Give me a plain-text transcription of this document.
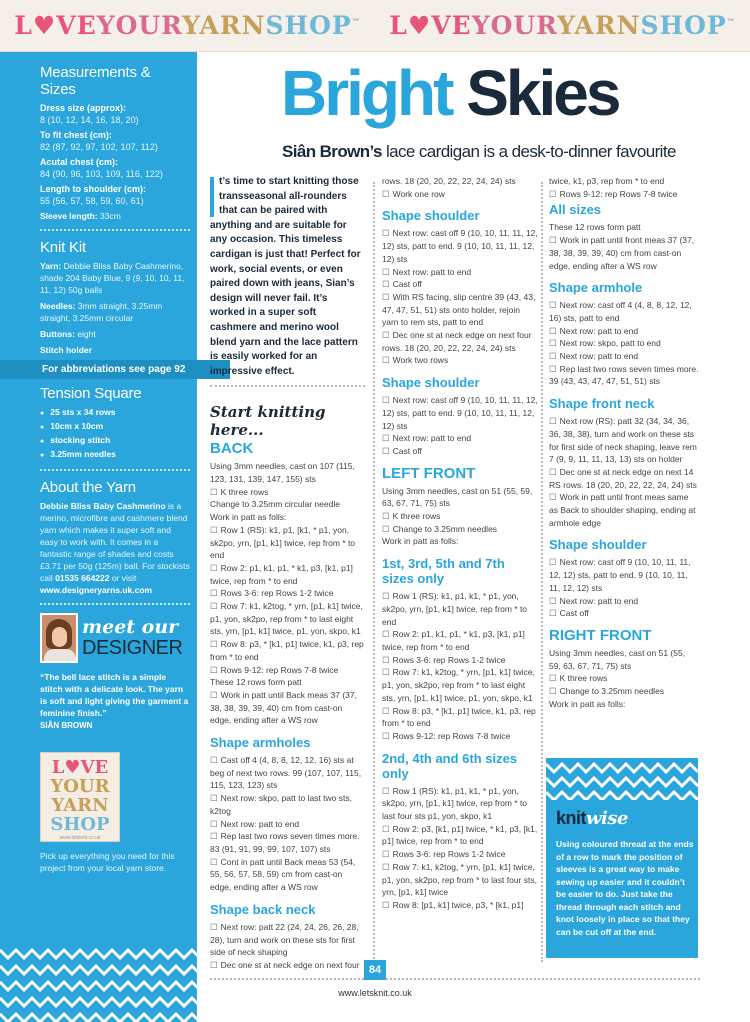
L♥VEYOURYARNSHOP™ L♥VEYOURYARNSHOP™
Measurements & Sizes
Dress size (approx):
8 (10, 12, 14, 16, 18, 20)
To fit chest (cm):
82 (87, 92, 97, 102, 107, 112)
Acutal chest (cm):
84 (90, 96, 103, 109, 116, 122)
Length to shoulder (cm):
55 (56, 57, 58, 59, 60, 61)
Sleeve length: 33cm
Knit Kit
Yarn: Debbie Bliss Baby Cashmerino, shade 204 Baby Blue, 9 (9, 10, 10, 11, 11, 12) 50g balls
Needles: 3mm straight, 3.25mm straight, 3.25mm circular
Buttons: eight
Stitch holder
For abbreviations see page 92
Tension Square
● 25 sts x 34 rows
● 10cm x 10cm
● stocking stitch
● 3.25mm needles
About the Yarn
Debbie Bliss Baby Cashmerino is a merino, microfibre and cashmere blend yarn which makes it super soft and easy to work with. It comes in a fantastic range of shades and costs £3.71 per 50g (125m) ball. For stockists call 01535 664222 or visit www.designeryarns.uk.com
meet our
DESIGNER
“The bell lace stitch is a simple stitch with a delicate look. The yarn is soft and light giving the garment a feminine finish.”
SIÂN BROWN
L♥VE
YOUR
YARN
SHOP
www.letsknit.co.uk
Pick up everything you need for this project from your local yarn store.
Bright Skies
Siân Brown’s lace cardigan is a desk-to-dinner favourite
t’s time to start knitting those transseasonal all-rounders that can be paired with anything and are suitable for any occasion. This timeless cardigan is just that! Perfect for work, social events, or even paired down with jeans, Sian’s design will never fail. It’s worked in a super soft cashmere and merino wool blend yarn and the lace pattern is easily worked for an impressive effect.
Start knitting here...
BACK

Using 3mm needles, cast on 107 (115, 123, 131, 139, 147, 155) sts

☐ K three rows

Change to 3.25mm circular needle

Work in patt as folls:

☐ Row 1 (RS): k1, p1, [k1, * p1, yon, sk2po, yrn, [p1, k1] twice, rep from * to end

☐ Row 2: p1, k1, p1, * k1, p3, [k1, p1] twice, rep from * to end

☐ Rows 3-6: rep Rows 1-2 twice

☐ Row 7: k1, k2tog, * yrn, [p1, k1] twice, p1, yon, sk2po, rep from * to last eight sts, yrn, [p1, k1] twice, p1, yon, skpo, k1

☐ Row 8: p3, * [k1, p1] twice, k1, p3, rep from * to end

☐ Rows 9-12: rep Rows 7-8 twice

These 12 rows form patt

☐ Work in patt until Back meas 37 (37, 38, 38, 39, 39, 40) cm from cast-on edge, ending after a WS row

Shape armholes

☐ Cast off 4 (4, 8, 8, 12, 12, 16) sts at beg of next two rows. 99 (107, 107, 115, 115, 123, 123) sts

☐ Next row: skpo, patt to last two sts, k2tog

☐ Next row: patt to end

☐ Rep last two rows seven times more. 83 (91, 91, 99, 99, 107, 107) sts

☐ Cont in patt until Back meas 53 (54, 55, 56, 57, 58, 59) cm from cast-on edge, ending after a WS row

Shape back neck

☐ Next row: patt 22 (24, 24, 26, 26, 28, 28), turn and work on these sts for first side of neck shaping

☐ Dec one st at neck edge on next four

rows. 18 (20, 20, 22, 22, 24, 24) sts

☐ Work one row

Shape shoulder

☐ Next row: cast off 9 (10, 10, 11, 11, 12, 12) sts, patt to end. 9 (10, 10, 11, 11, 12, 12) sts

☐ Next row: patt to end

☐ Cast off

☐ With RS facing, slip centre 39 (43, 43, 47, 47, 51, 51) sts onto holder, rejoin yarn to rem sts, patt to end

☐ Dec one st at neck edge on next four rows. 18 (20, 20, 22, 22, 24, 24) sts

☐ Work two rows

Shape shoulder

☐ Next row: cast off 9 (10, 10, 11, 11, 12, 12) sts, patt to end. 9 (10, 10, 11, 11, 12, 12) sts

☐ Next row: patt to end

☐ Cast off

LEFT FRONT

Using 3mm needles, cast on 51 (55, 59, 63, 67, 71, 75) sts

☐ K three rows

☐ Change to 3.25mm needles

Work in patt as folls:

1st, 3rd, 5th and 7th sizes only

☐ Row 1 (RS): k1, p1, k1, * p1, yon, sk2po, yrn, [p1, k1] twice, rep from * to end

☐ Row 2: p1, k1, p1, * k1, p3, [k1, p1] twice, rep from * to end

☐ Rows 3-6: rep Rows 1-2 twice

☐ Row 7: k1, k2tog, * yrn, [p1, k1] twice, p1, yon, sk2po, rep from * to last eight sts, yrn, [p1, k1] twice, p1, yon, skpo, k1

☐ Row 8: p3, * [k1, p1] twice, k1, p3, rep from * to end

☐ Rows 9-12: rep Rows 7-8 twice

2nd, 4th and 6th sizes only

☐ Row 1 (RS): k1, p1, k1, * p1, yon, sk2po, yrn, [p1, k1] twice, rep from * to last four sts p1, yon, skpo, k1

☐ Row 2: p3, [k1, p1] twice, * k1, p3, [k1, p1] twice, rep from * to end

☐ Rows 3-6: rep Rows 1-2 twice

☐ Row 7: k1, k2tog, * yrn, [p1, k1] twice, p1, yon, sk2po, rep from * to last four sts, yrn, [p1, k1] twice

☐ Row 8: [p1, k1] twice, p3, * [k1, p1]

twice, k1, p3, rep from * to end

☐ Rows 9-12: rep Rows 7-8 twice

All sizes

These 12 rows form patt

☐ Work in patt until front meas 37 (37, 38, 38, 39, 39, 40) cm from cast-on edge, ending after a WS row

Shape armhole

☐ Next row: cast off 4 (4, 8, 8, 12, 12, 16) sts, patt to end

☐ Next row: patt to end

☐ Next row: skpo, patt to end

☐ Next row: patt to end

☐ Rep last two rows seven times more. 39 (43, 43, 47, 47, 51, 51) sts

Shape front neck

☐ Next row (RS): patt 32 (34, 34, 36, 36, 38, 38), turn and work on these sts for first side of neck shaping, leave rem 7 (9, 9, 11, 11, 13, 13) sts on holder

☐ Dec one st at neck edge on next 14 RS rows. 18 (20, 20, 22, 22, 24, 24) sts

☐ Work in patt until front meas same as Back to shoulder shaping, ending at armhole edge

Shape shoulder

☐ Next row: cast off 9 (10, 10, 11, 11, 12, 12) sts, patt to end. 9 (10, 10, 11, 11, 12, 12) sts

☐ Next row: patt to end

☐ Cast off

RIGHT FRONT

Using 3mm needles, cast on 51 (55, 59, 63, 67, 71, 75) sts

☐ K three rows

☐ Change to 3.25mm needles

Work in patt as folls:

knitwise
Using coloured thread at the ends of a row to mark the position of sleeves is a great way to make sewing up easier and it couldn’t be easier to do. Just take the thread through each stitch and knot loosely in place so that they can be cut off at the end.
84
www.letsknit.co.uk
